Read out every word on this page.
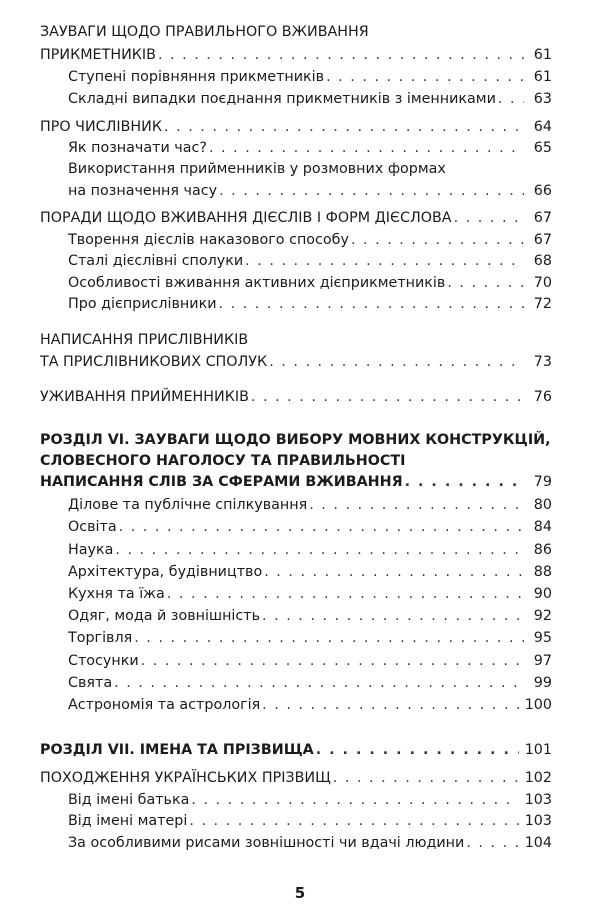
ЗАУВАГИ ЩОДО ПРАВИЛЬНОГО ВЖИВАННЯ
ПРИКМЕТНИКІВ . . .	61
Ступені порівняння прикметників . . .	61
Складні випадки поєднання прикметників з іменниками . . .	63
ПРО ЧИСЛІВНИК . . .	64
Як позначати час? . . .	65
Використання прийменників у розмовних формах
на позначення часу . . .	66
ПОРАДИ ЩОДО ВЖИВАННЯ ДІЄСЛІВ І ФОРМ ДІЄСЛОВА . . .	67
Творення дієслів наказового способу . . .	67
Сталі дієслівні сполуки . . .	68
Особливості вживання активних дієприкметників . . .	70
Про дієприслівники . . .	72
НАПИСАННЯ ПРИСЛІВНИКІВ
ТА ПРИСЛІВНИКОВИХ СПОЛУК . . .	73
УЖИВАННЯ ПРИЙМЕННИКІВ . . .	76
РОЗДІЛ VI. ЗАУВАГИ ЩОДО ВИБОРУ МОВНИХ КОНСТРУКЦІЙ,
СЛОВЕСНОГО НАГОЛОСУ ТА ПРАВИЛЬНОСТІ
НАПИСАННЯ СЛІВ ЗА СФЕРАМИ ВЖИВАННЯ . . .	79
Ділове та публічне спілкування . . .	80
Освіта . . .	84
Наука . . .	86
Архітектура, будівництво . . .	88
Кухня та їжа . . .	90
Одяг, мода й зовнішність . . .	92
Торгівля . . .	95
Стосунки . . .	97
Свята . . .	99
Астрономія та астрологія . . .	100
РОЗДІЛ VII. ІМЕНА ТА ПРІЗВИЩА . . .	101
ПОХОДЖЕННЯ УКРАЇНСЬКИХ ПРІЗВИЩ . . .	102
Від імені батька . . .	103
Від імені матері . . .	103
За особливими рисами зовнішності чи вдачі людини . . .	104
5
